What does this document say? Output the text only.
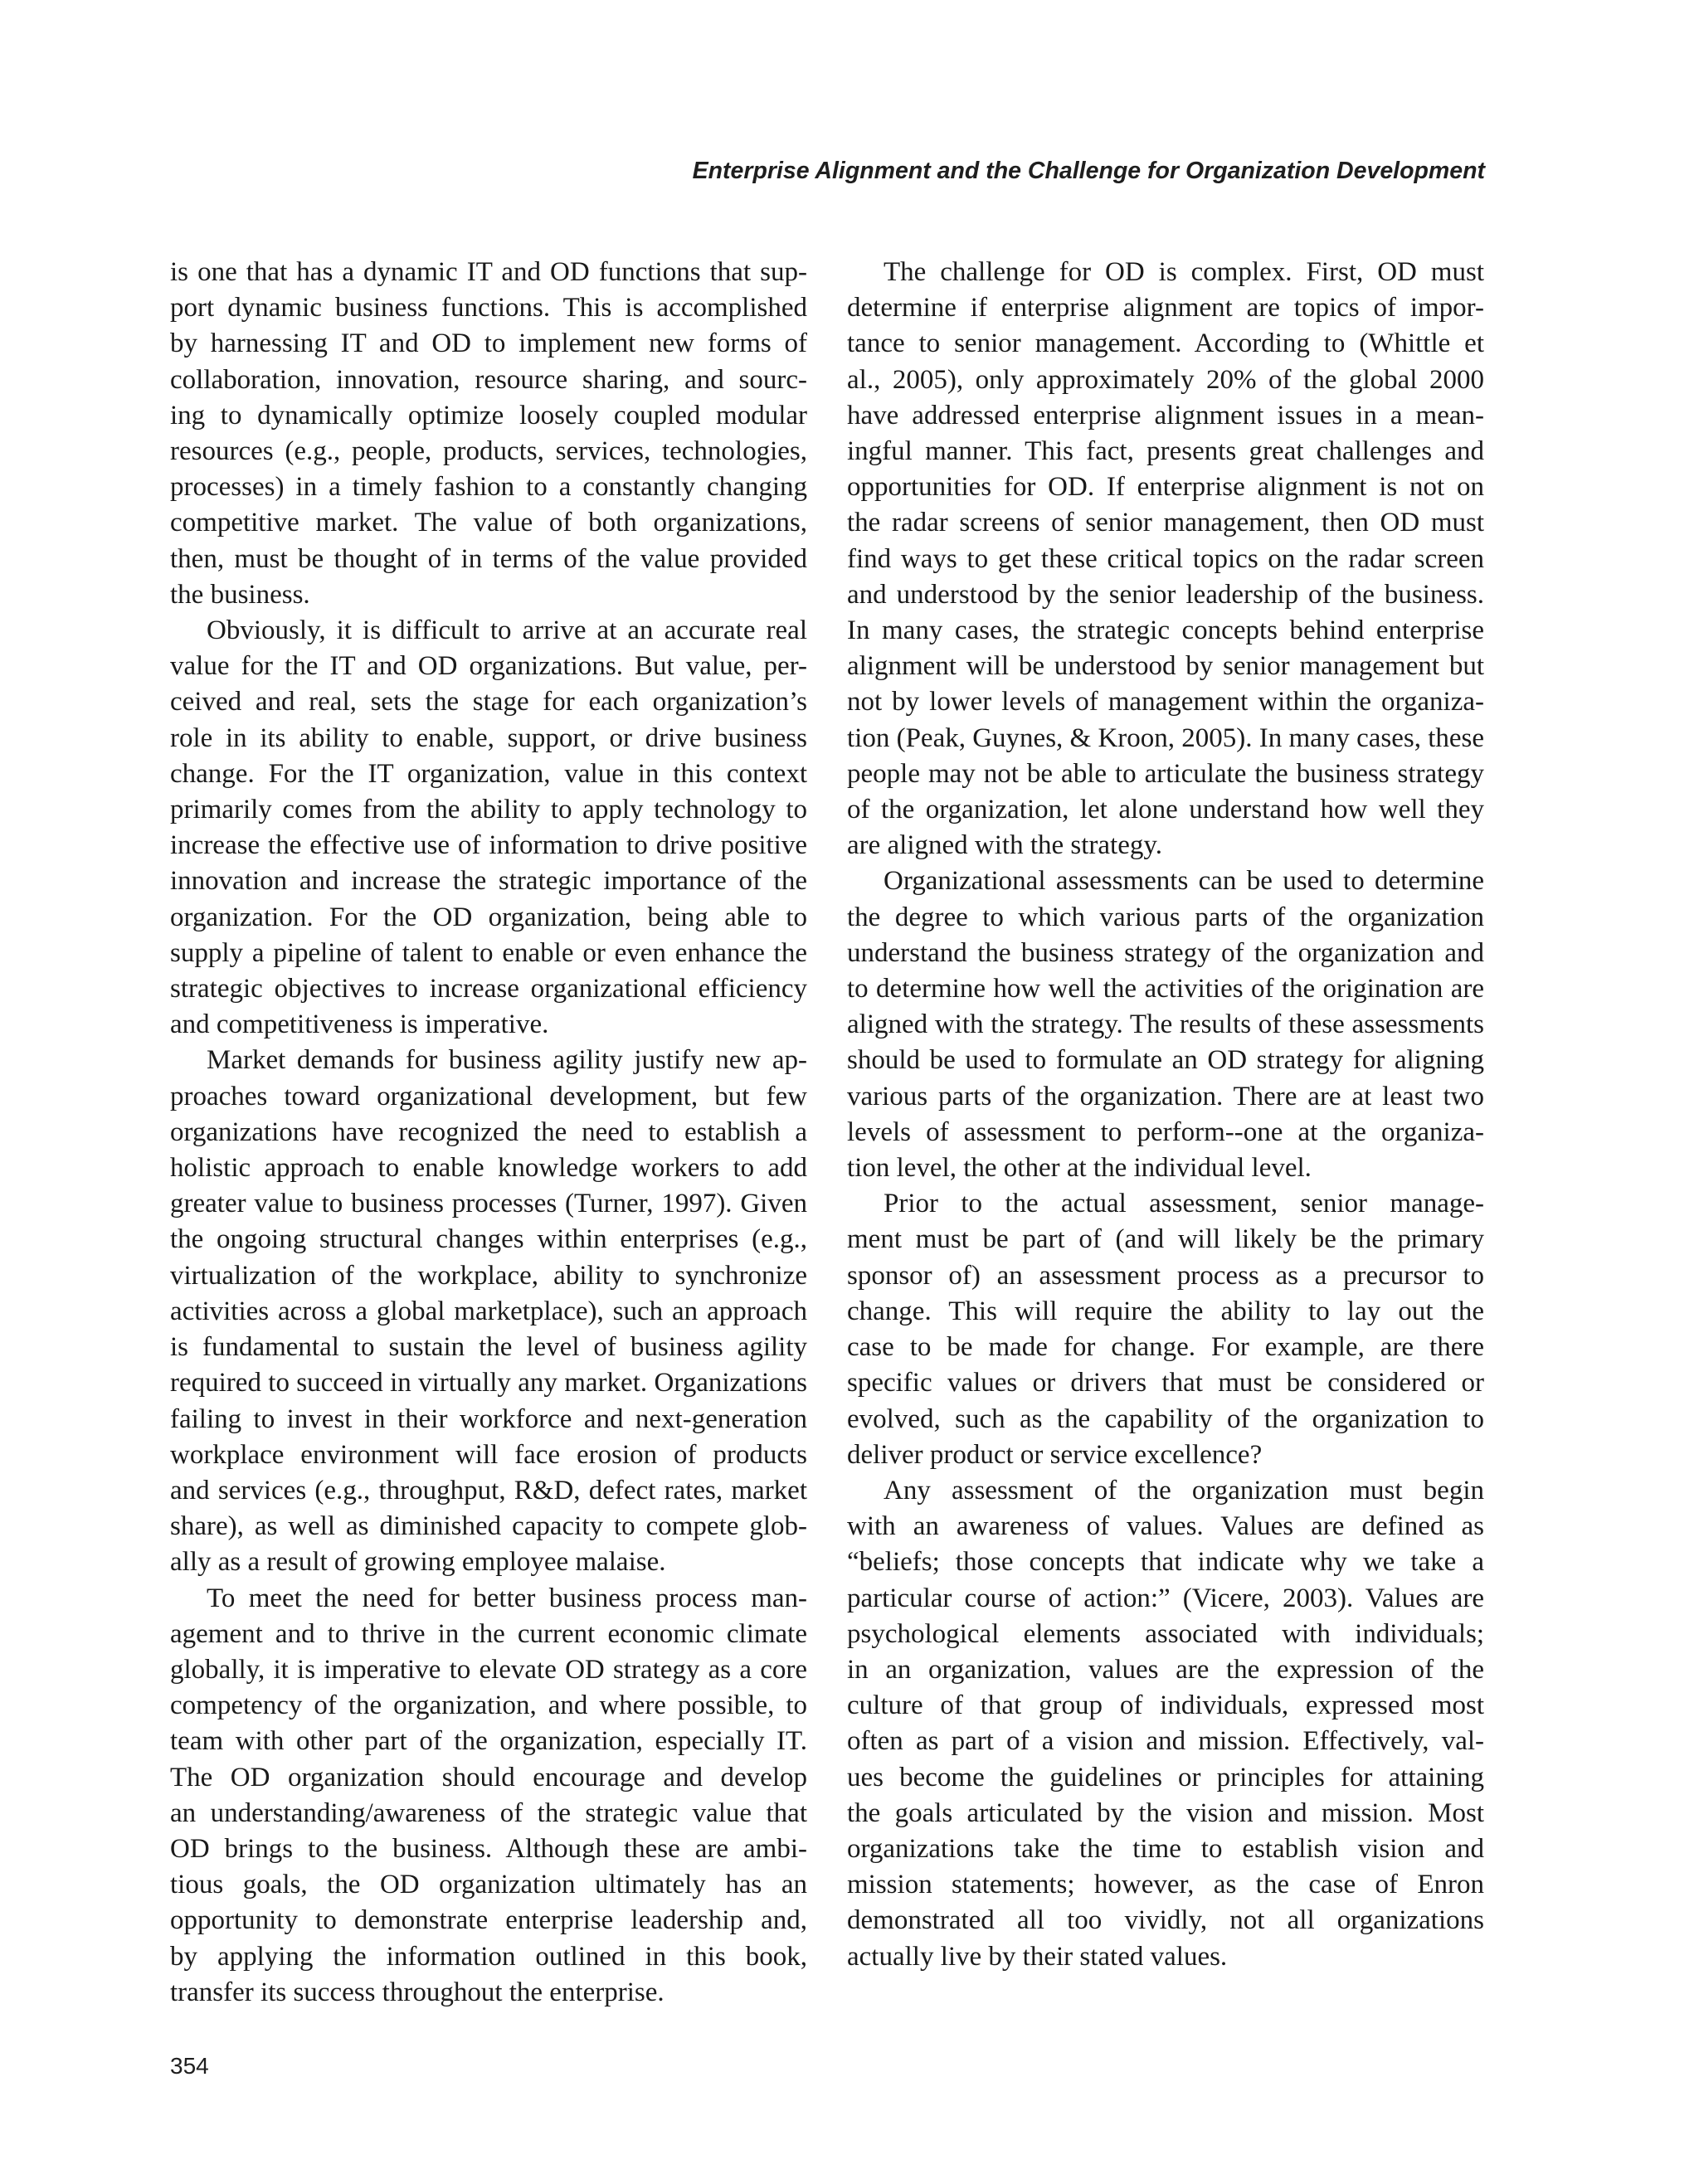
Enterprise Alignment and the Challenge for Organization Development

is one that has a dynamic IT and OD functions that sup-
port dynamic business functions. This is accomplished
by harnessing IT and OD to implement new forms of
collaboration, innovation, resource sharing, and sourc-
ing to dynamically optimize loosely coupled modular
resources (e.g., people, products, services, technologies,
processes) in a timely fashion to a constantly changing
competitive market. The value of both organizations,
then, must be thought of in terms of the value provided
the business.

Obviously, it is difficult to arrive at an accurate real
value for the IT and OD organizations. But value, per-
ceived and real, sets the stage for each organization’s
role in its ability to enable, support, or drive business
change. For the IT organization, value in this context
primarily comes from the ability to apply technology to
increase the effective use of information to drive positive
innovation and increase the strategic importance of the
organization. For the OD organization, being able to
supply a pipeline of talent to enable or even enhance the
strategic objectives to increase organizational efficiency
and competitiveness is imperative.

Market demands for business agility justify new ap-
proaches toward organizational development, but few
organizations have recognized the need to establish a
holistic approach to enable knowledge workers to add
greater value to business processes (Turner, 1997). Given
the ongoing structural changes within enterprises (e.g.,
virtualization of the workplace, ability to synchronize
activities across a global marketplace), such an approach
is fundamental to sustain the level of business agility
required to succeed in virtually any market. Organizations
failing to invest in their workforce and next-generation
workplace environment will face erosion of products
and services (e.g., throughput, R&D, defect rates, market
share), as well as diminished capacity to compete glob-
ally as a result of growing employee malaise.

To meet the need for better business process man-
agement and to thrive in the current economic climate
globally, it is imperative to elevate OD strategy as a core
competency of the organization, and where possible, to
team with other part of the organization, especially IT.
The OD organization should encourage and develop
an understanding/awareness of the strategic value that
OD brings to the business. Although these are ambi-
tious goals, the OD organization ultimately has an
opportunity to demonstrate enterprise leadership and,
by applying the information outlined in this book,
transfer its success throughout the enterprise.

The challenge for OD is complex. First, OD must
determine if enterprise alignment are topics of impor-
tance to senior management. According to (Whittle et
al., 2005), only approximately 20% of the global 2000
have addressed enterprise alignment issues in a mean-
ingful manner. This fact, presents great challenges and
opportunities for OD. If enterprise alignment is not on
the radar screens of senior management, then OD must
find ways to get these critical topics on the radar screen
and understood by the senior leadership of the business.
In many cases, the strategic concepts behind enterprise
alignment will be understood by senior management but
not by lower levels of management within the organiza-
tion (Peak, Guynes, & Kroon, 2005). In many cases, these
people may not be able to articulate the business strategy
of the organization, let alone understand how well they
are aligned with the strategy.

Organizational assessments can be used to determine
the degree to which various parts of the organization
understand the business strategy of the organization and
to determine how well the activities of the origination are
aligned with the strategy. The results of these assessments
should be used to formulate an OD strategy for aligning
various parts of the organization. There are at least two
levels of assessment to perform--one at the organiza-
tion level, the other at the individual level.

Prior to the actual assessment, senior manage-
ment must be part of (and will likely be the primary
sponsor of) an assessment process as a precursor to
change. This will require the ability to lay out the
case to be made for change. For example, are there
specific values or drivers that must be considered or
evolved, such as the capability of the organization to
deliver product or service excellence?

Any assessment of the organization must begin
with an awareness of values. Values are defined as
“beliefs; those concepts that indicate why we take a
particular course of action:” (Vicere, 2003). Values are
psychological elements associated with individuals;
in an organization, values are the expression of the
culture of that group of individuals, expressed most
often as part of a vision and mission. Effectively, val-
ues become the guidelines or principles for attaining
the goals articulated by the vision and mission. Most
organizations take the time to establish vision and
mission statements; however, as the case of Enron
demonstrated all too vividly, not all organizations
actually live by their stated values.

354
